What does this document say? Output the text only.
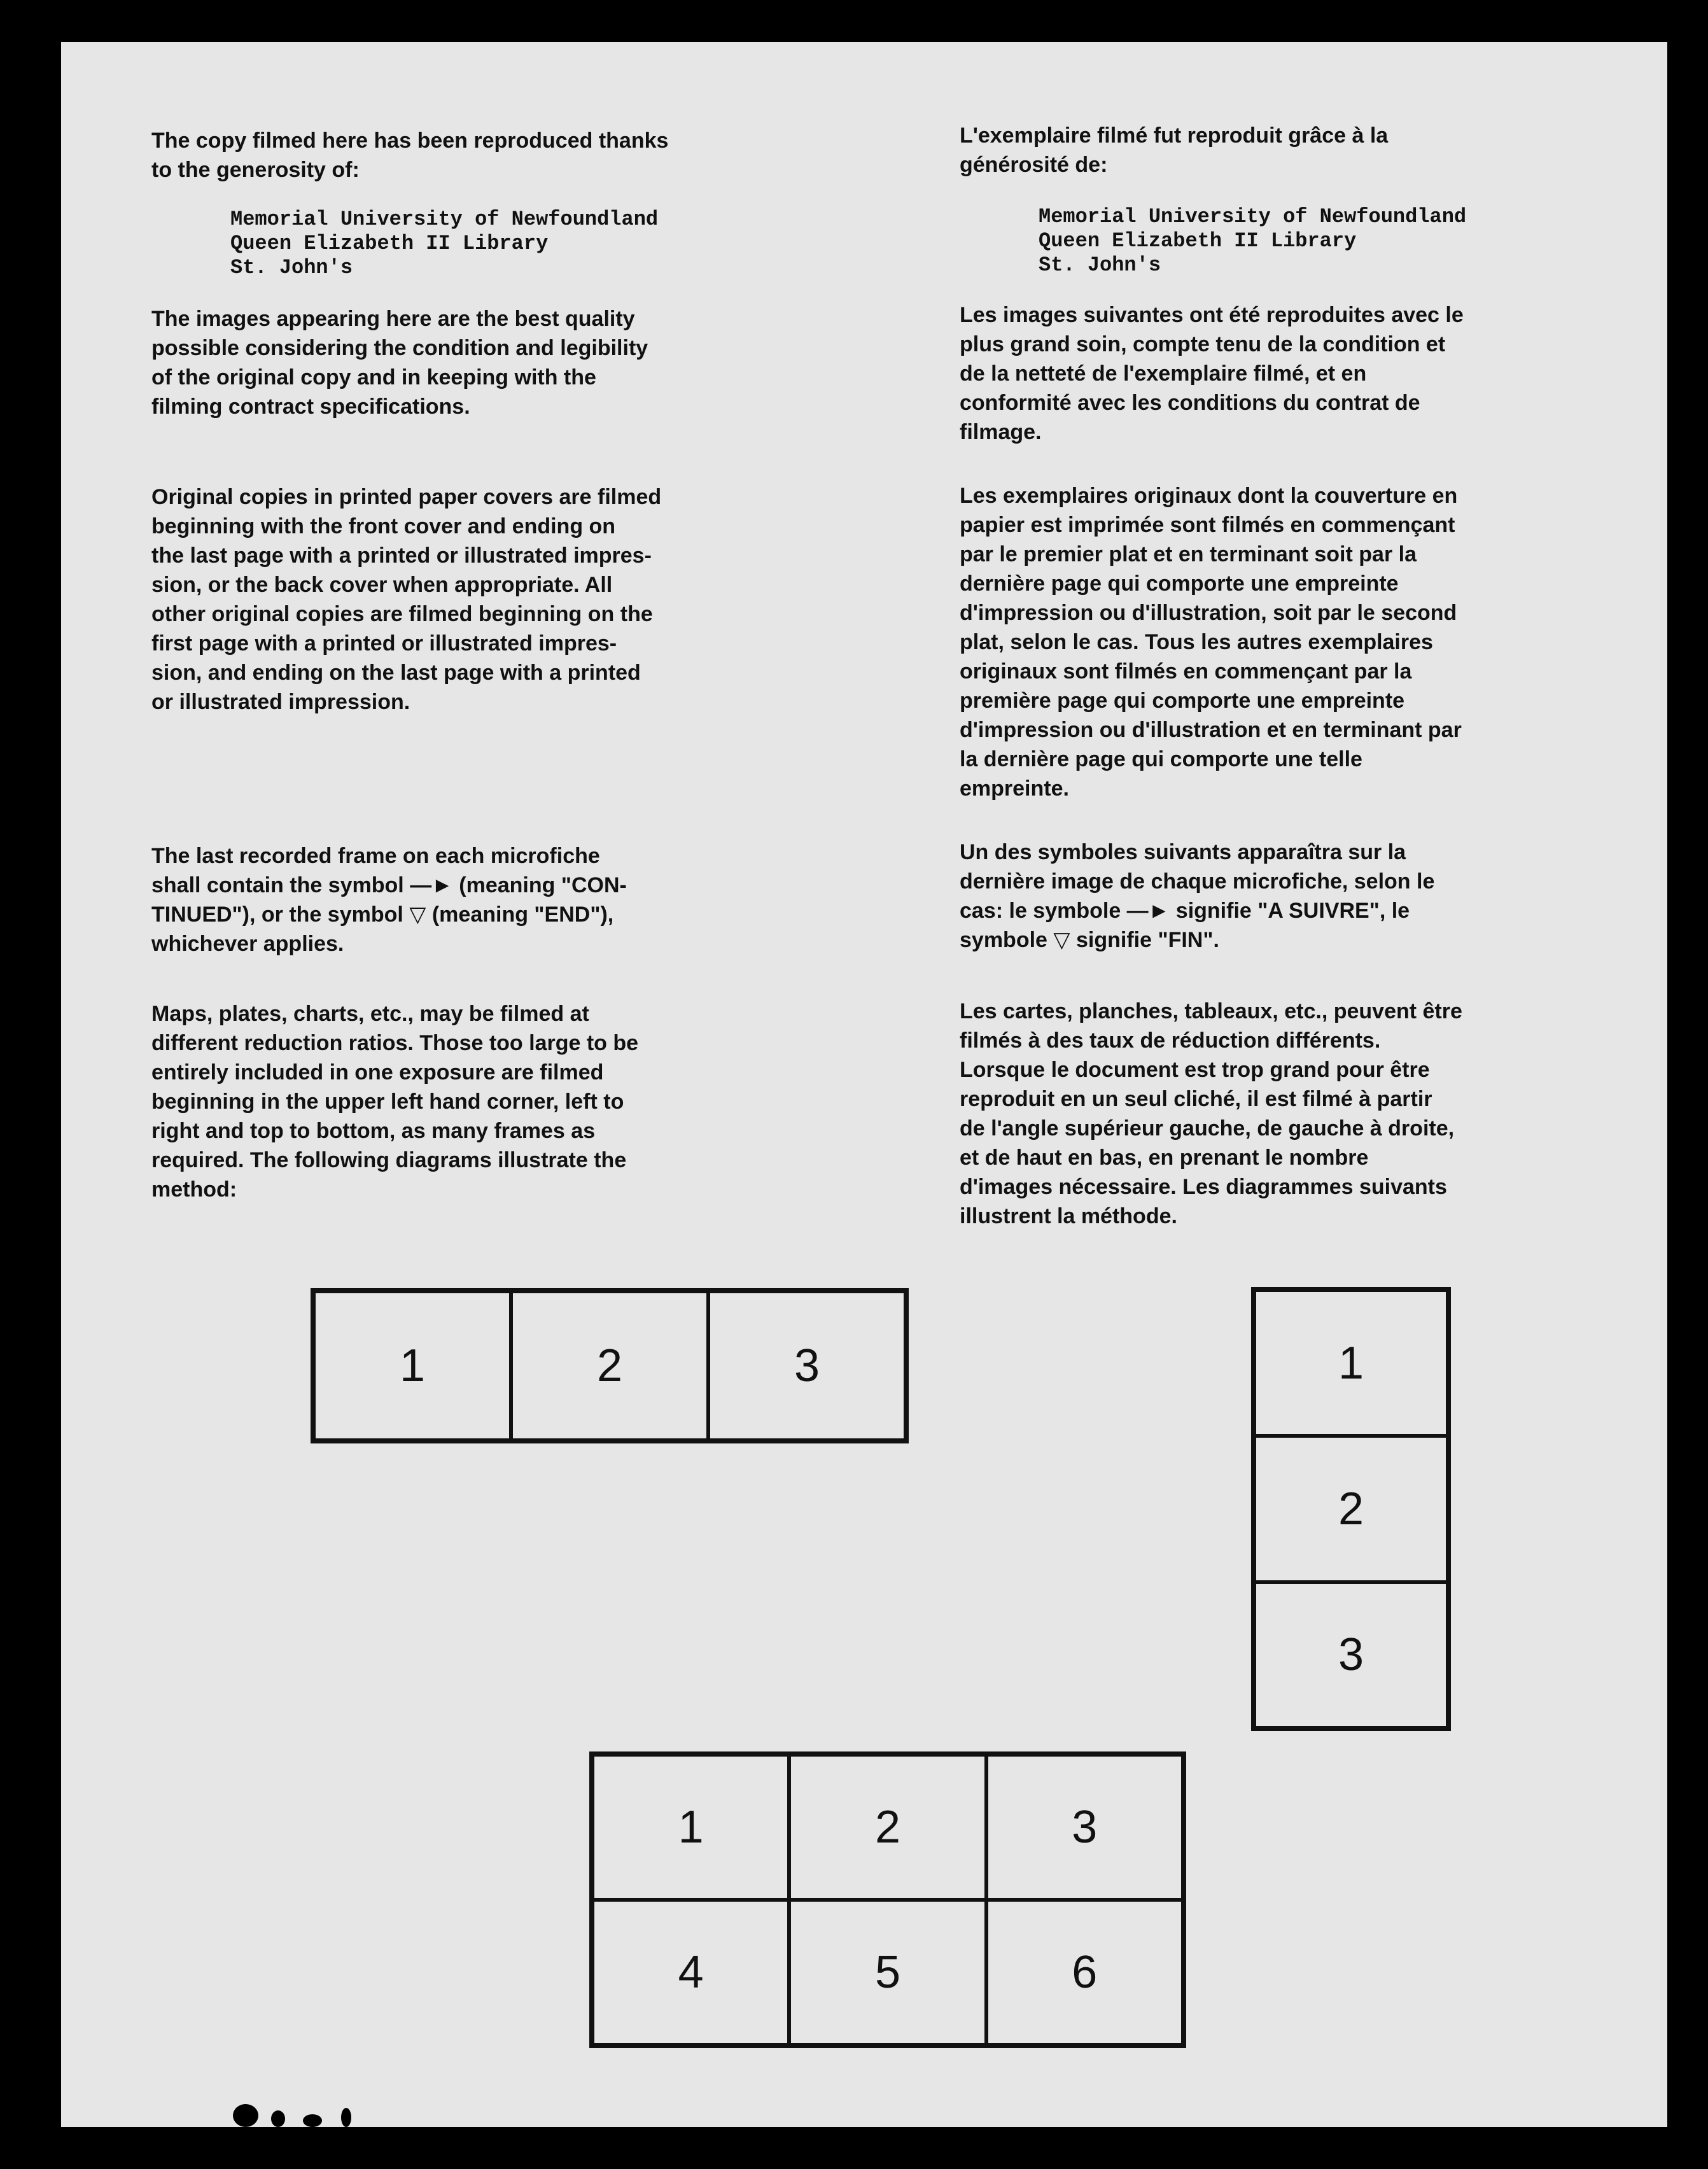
The copy filmed here has been reproduced thanks
to the generosity of:
Memorial University of Newfoundland
Queen Elizabeth II Library
St. John's
The images appearing here are the best quality
possible considering the condition and legibility
of the original copy and in keeping with the
filming contract specifications.
Original copies in printed paper covers are filmed
beginning with the front cover and ending on
the last page with a printed or illustrated impres-
sion, or the back cover when appropriate. All
other original copies are filmed beginning on the
first page with a printed or illustrated impres-
sion, and ending on the last page with a printed
or illustrated impression.
The last recorded frame on each microfiche
shall contain the symbol —► (meaning "CON-
TINUED"), or the symbol ▽ (meaning "END"),
whichever applies.
Maps, plates, charts, etc., may be filmed at
different reduction ratios. Those too large to be
entirely included in one exposure are filmed
beginning in the upper left hand corner, left to
right and top to bottom, as many frames as
required. The following diagrams illustrate the
method:
L'exemplaire filmé fut reproduit grâce à la
générosité de:
Memorial University of Newfoundland
Queen Elizabeth II Library
St. John's
Les images suivantes ont été reproduites avec le
plus grand soin, compte tenu de la condition et
de la netteté de l'exemplaire filmé, et en
conformité avec les conditions du contrat de
filmage.
Les exemplaires originaux dont la couverture en
papier est imprimée sont filmés en commençant
par le premier plat et en terminant soit par la
dernière page qui comporte une empreinte
d'impression ou d'illustration, soit par le second
plat, selon le cas. Tous les autres exemplaires
originaux sont filmés en commençant par la
première page qui comporte une empreinte
d'impression ou d'illustration et en terminant par
la dernière page qui comporte une telle
empreinte.
Un des symboles suivants apparaîtra sur la
dernière image de chaque microfiche, selon le
cas: le symbole —► signifie "A SUIVRE", le
symbole ▽ signifie "FIN".
Les cartes, planches, tableaux, etc., peuvent être
filmés à des taux de réduction différents.
Lorsque le document est trop grand pour être
reproduit en un seul cliché, il est filmé à partir
de l'angle supérieur gauche, de gauche à droite,
et de haut en bas, en prenant le nombre
d'images nécessaire. Les diagrammes suivants
illustrent la méthode.
1	2	3	1
2
3
1	2	3
4	5	6
